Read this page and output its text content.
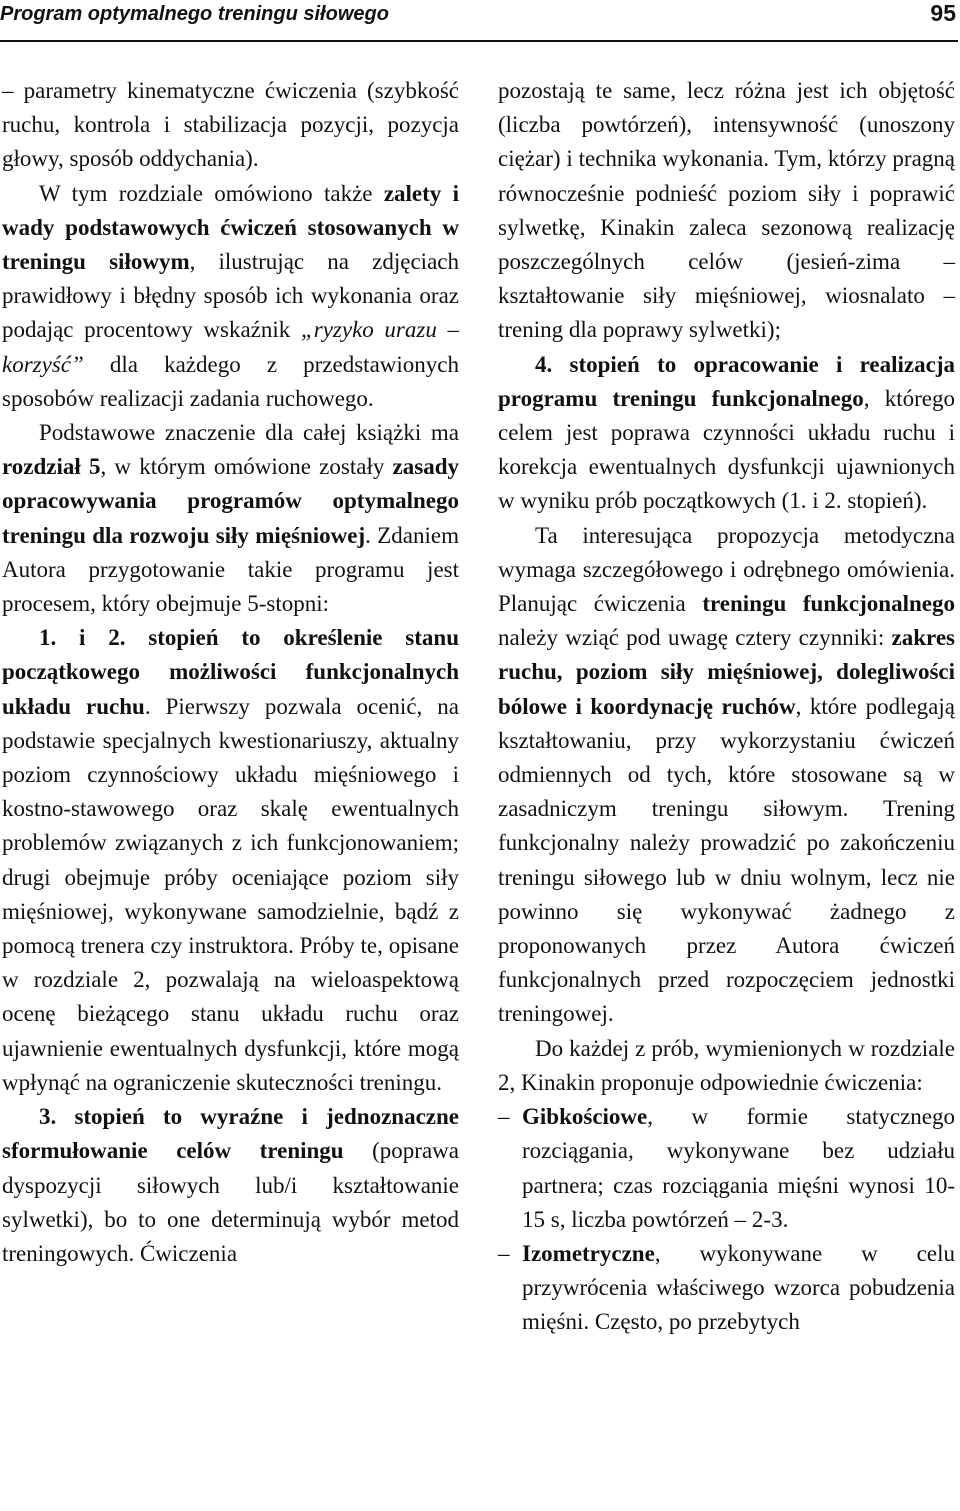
Program optymalnego treningu siłowego	95

– parametry kinematyczne ćwiczenia (szybkość ruchu, kontrola i stabilizacja pozycji, pozycja głowy, sposób oddychania).

W tym rozdziale omówiono także zalety i wady podstawowych ćwiczeń stosowanych w treningu siłowym, ilustrując na zdjęciach prawidłowy i błędny sposób ich wykonania oraz podając procentowy wskaźnik „ryzyko urazu – korzyść” dla każdego z przedstawionych sposobów realizacji zadania ruchowego.

Podstawowe znaczenie dla całej książki ma rozdział 5, w którym omówione zostały zasady opracowywania programów optymalnego treningu dla rozwoju siły mięśniowej. Zdaniem Autora przygotowanie takie programu jest procesem, który obejmuje 5-stopni:

1. i 2. stopień to określenie stanu początkowego możliwości funkcjonalnych układu ruchu. Pierwszy pozwala ocenić, na podstawie specjalnych kwestionariuszy, aktualny poziom czynnościowy układu mięśniowego i kostno-stawowego oraz skalę ewentualnych problemów związanych z ich funkcjonowaniem; drugi obejmuje próby oceniające poziom siły mięśniowej, wykonywane samodzielnie, bądź z pomocą trenera czy instruktora. Próby te, opisane w rozdziale 2, pozwalają na wieloaspektową ocenę bieżącego stanu układu ruchu oraz ujawnienie ewentualnych dysfunkcji, które mogą wpłynąć na ograniczenie skuteczności treningu.

3. stopień to wyraźne i jednoznaczne sformułowanie celów treningu (poprawa dyspozycji siłowych lub/i kształtowanie sylwetki), bo to one determinują wybór metod treningowych. Ćwiczenia

pozostają te same, lecz różna jest ich objętość (liczba powtórzeń), intensywność (unoszony ciężar) i technika wykonania. Tym, którzy pragną równocześnie podnieść poziom siły i poprawić sylwetkę, Kinakin zaleca sezonową realizację poszczególnych celów (jesień-zima – kształtowanie siły mięśniowej, wiosnalato – trening dla poprawy sylwetki);

4. stopień to opracowanie i realizacja programu treningu funkcjonalnego, którego celem jest poprawa czynności układu ruchu i korekcja ewentualnych dysfunkcji ujawnionych w wyniku prób początkowych (1. i 2. stopień).

Ta interesująca propozycja metodyczna wymaga szczegółowego i odrębnego omówienia. Planując ćwiczenia treningu funkcjonalnego należy wziąć pod uwagę cztery czynniki: zakres ruchu, poziom siły mięśniowej, dolegliwości bólowe i koordynację ruchów, które podlegają kształtowaniu, przy wykorzystaniu ćwiczeń odmiennych od tych, które stosowane są w zasadniczym treningu siłowym. Trening funkcjonalny należy prowadzić po zakończeniu treningu siłowego lub w dniu wolnym, lecz nie powinno się wykonywać żadnego z proponowanych przez Autora ćwiczeń funkcjonalnych przed rozpoczęciem jednostki treningowej.

Do każdej z prób, wymienionych w rozdziale 2, Kinakin proponuje odpowiednie ćwiczenia:

– Gibkościowe, w formie statycznego rozciągania, wykonywane bez udziału partnera; czas rozciągania mięśni wynosi 10-15 s, liczba powtórzeń – 2-3.

– Izometryczne, wykonywane w celu przywrócenia właściwego wzorca pobudzenia mięśni. Często, po przebytych
